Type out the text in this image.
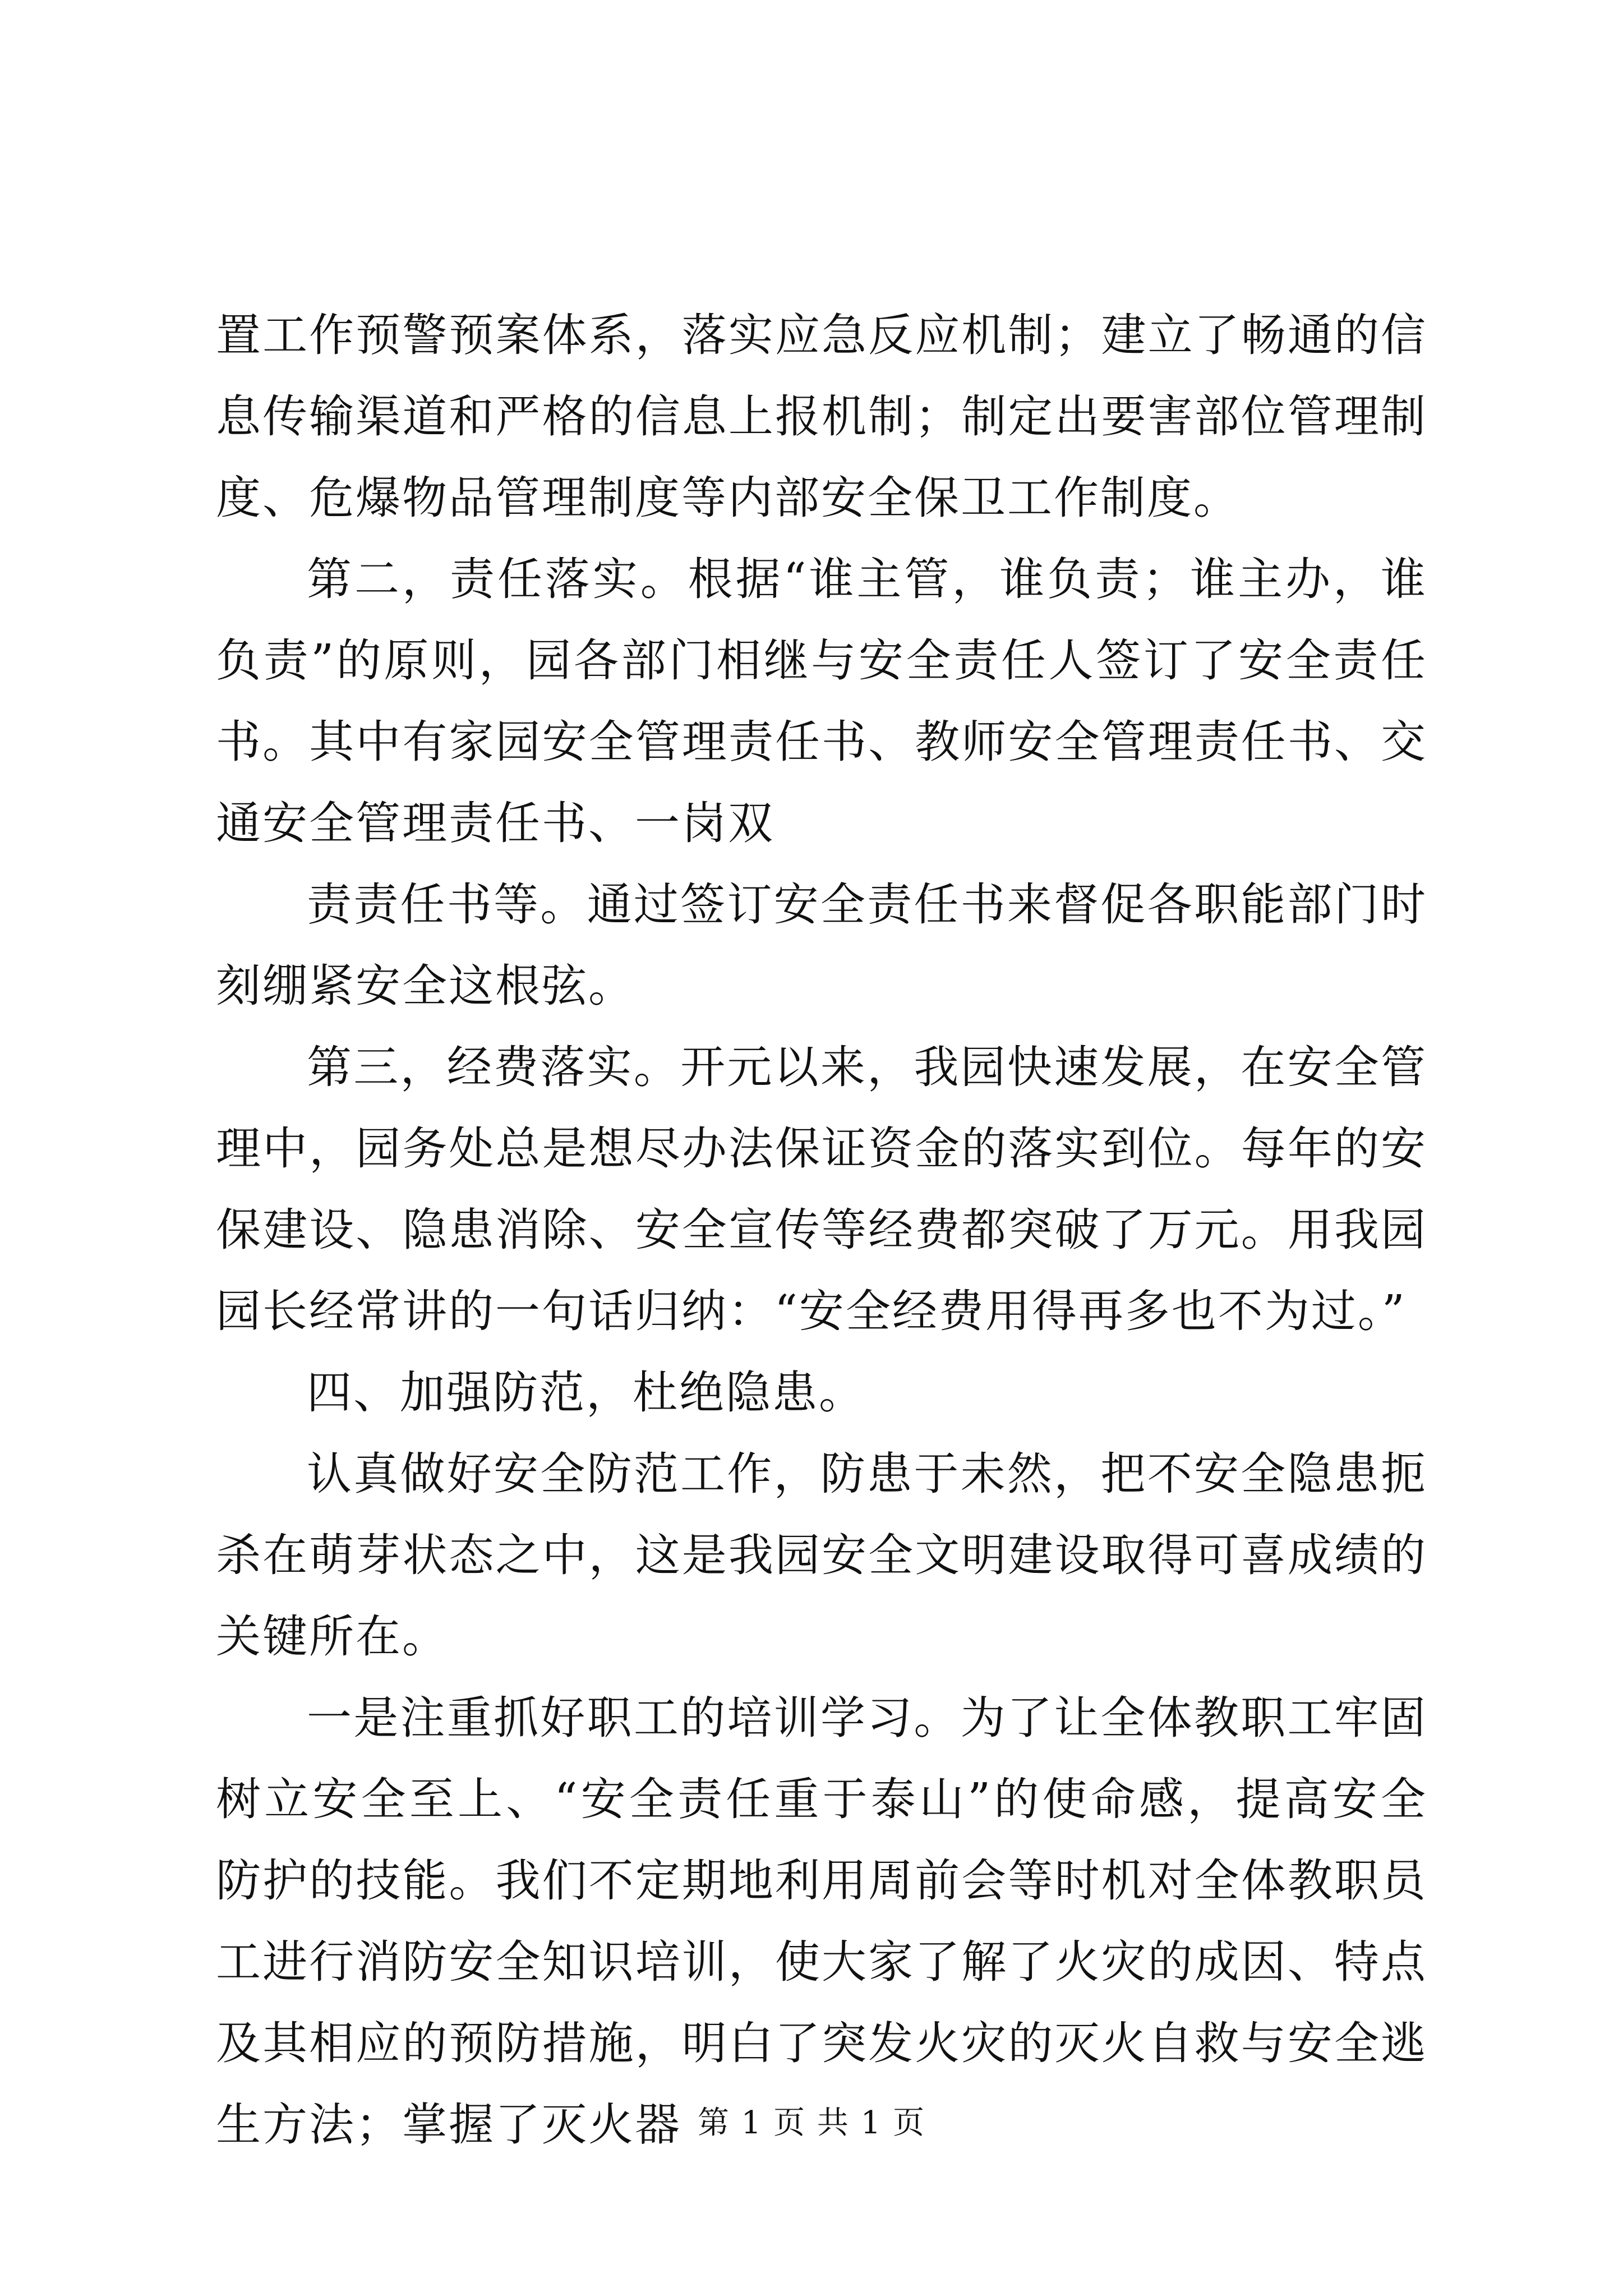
置工作预警预案体系，落实应急反应机制；建立了畅通的信息传输渠道和严格的信息上报机制；制定出要害部位管理制度、危爆物品管理制度等内部安全保卫工作制度。

第二，责任落实。根据“谁主管，谁负责；谁主办，谁负责”的原则，园各部门相继与安全责任人签订了安全责任书。其中有家园安全管理责任书、教师安全管理责任书、交通安全管理责任书、一岗双

责责任书等。通过签订安全责任书来督促各职能部门时刻绷紧安全这根弦。

第三，经费落实。开元以来，我园快速发展，在安全管理中，园务处总是想尽办法保证资金的落实到位。每年的安保建设、隐患消除、安全宣传等经费都突破了万元。用我园园长经常讲的一句话归纳：“安全经费用得再多也不为过。”

四、加强防范，杜绝隐患。

认真做好安全防范工作，防患于未然，把不安全隐患扼杀在萌芽状态之中，这是我园安全文明建设取得可喜成绩的关键所在。

一是注重抓好职工的培训学习。为了让全体教职工牢固树立安全至上、“安全责任重于泰山”的使命感，提高安全防护的技能。我们不定期地利用周前会等时机对全体教职员工进行消防安全知识培训，使大家了解了火灾的成因、特点及其相应的预防措施，明白了突发火灾的灭火自救与安全逃生方法；掌握了灭火器 第 1 页 共 1 页
